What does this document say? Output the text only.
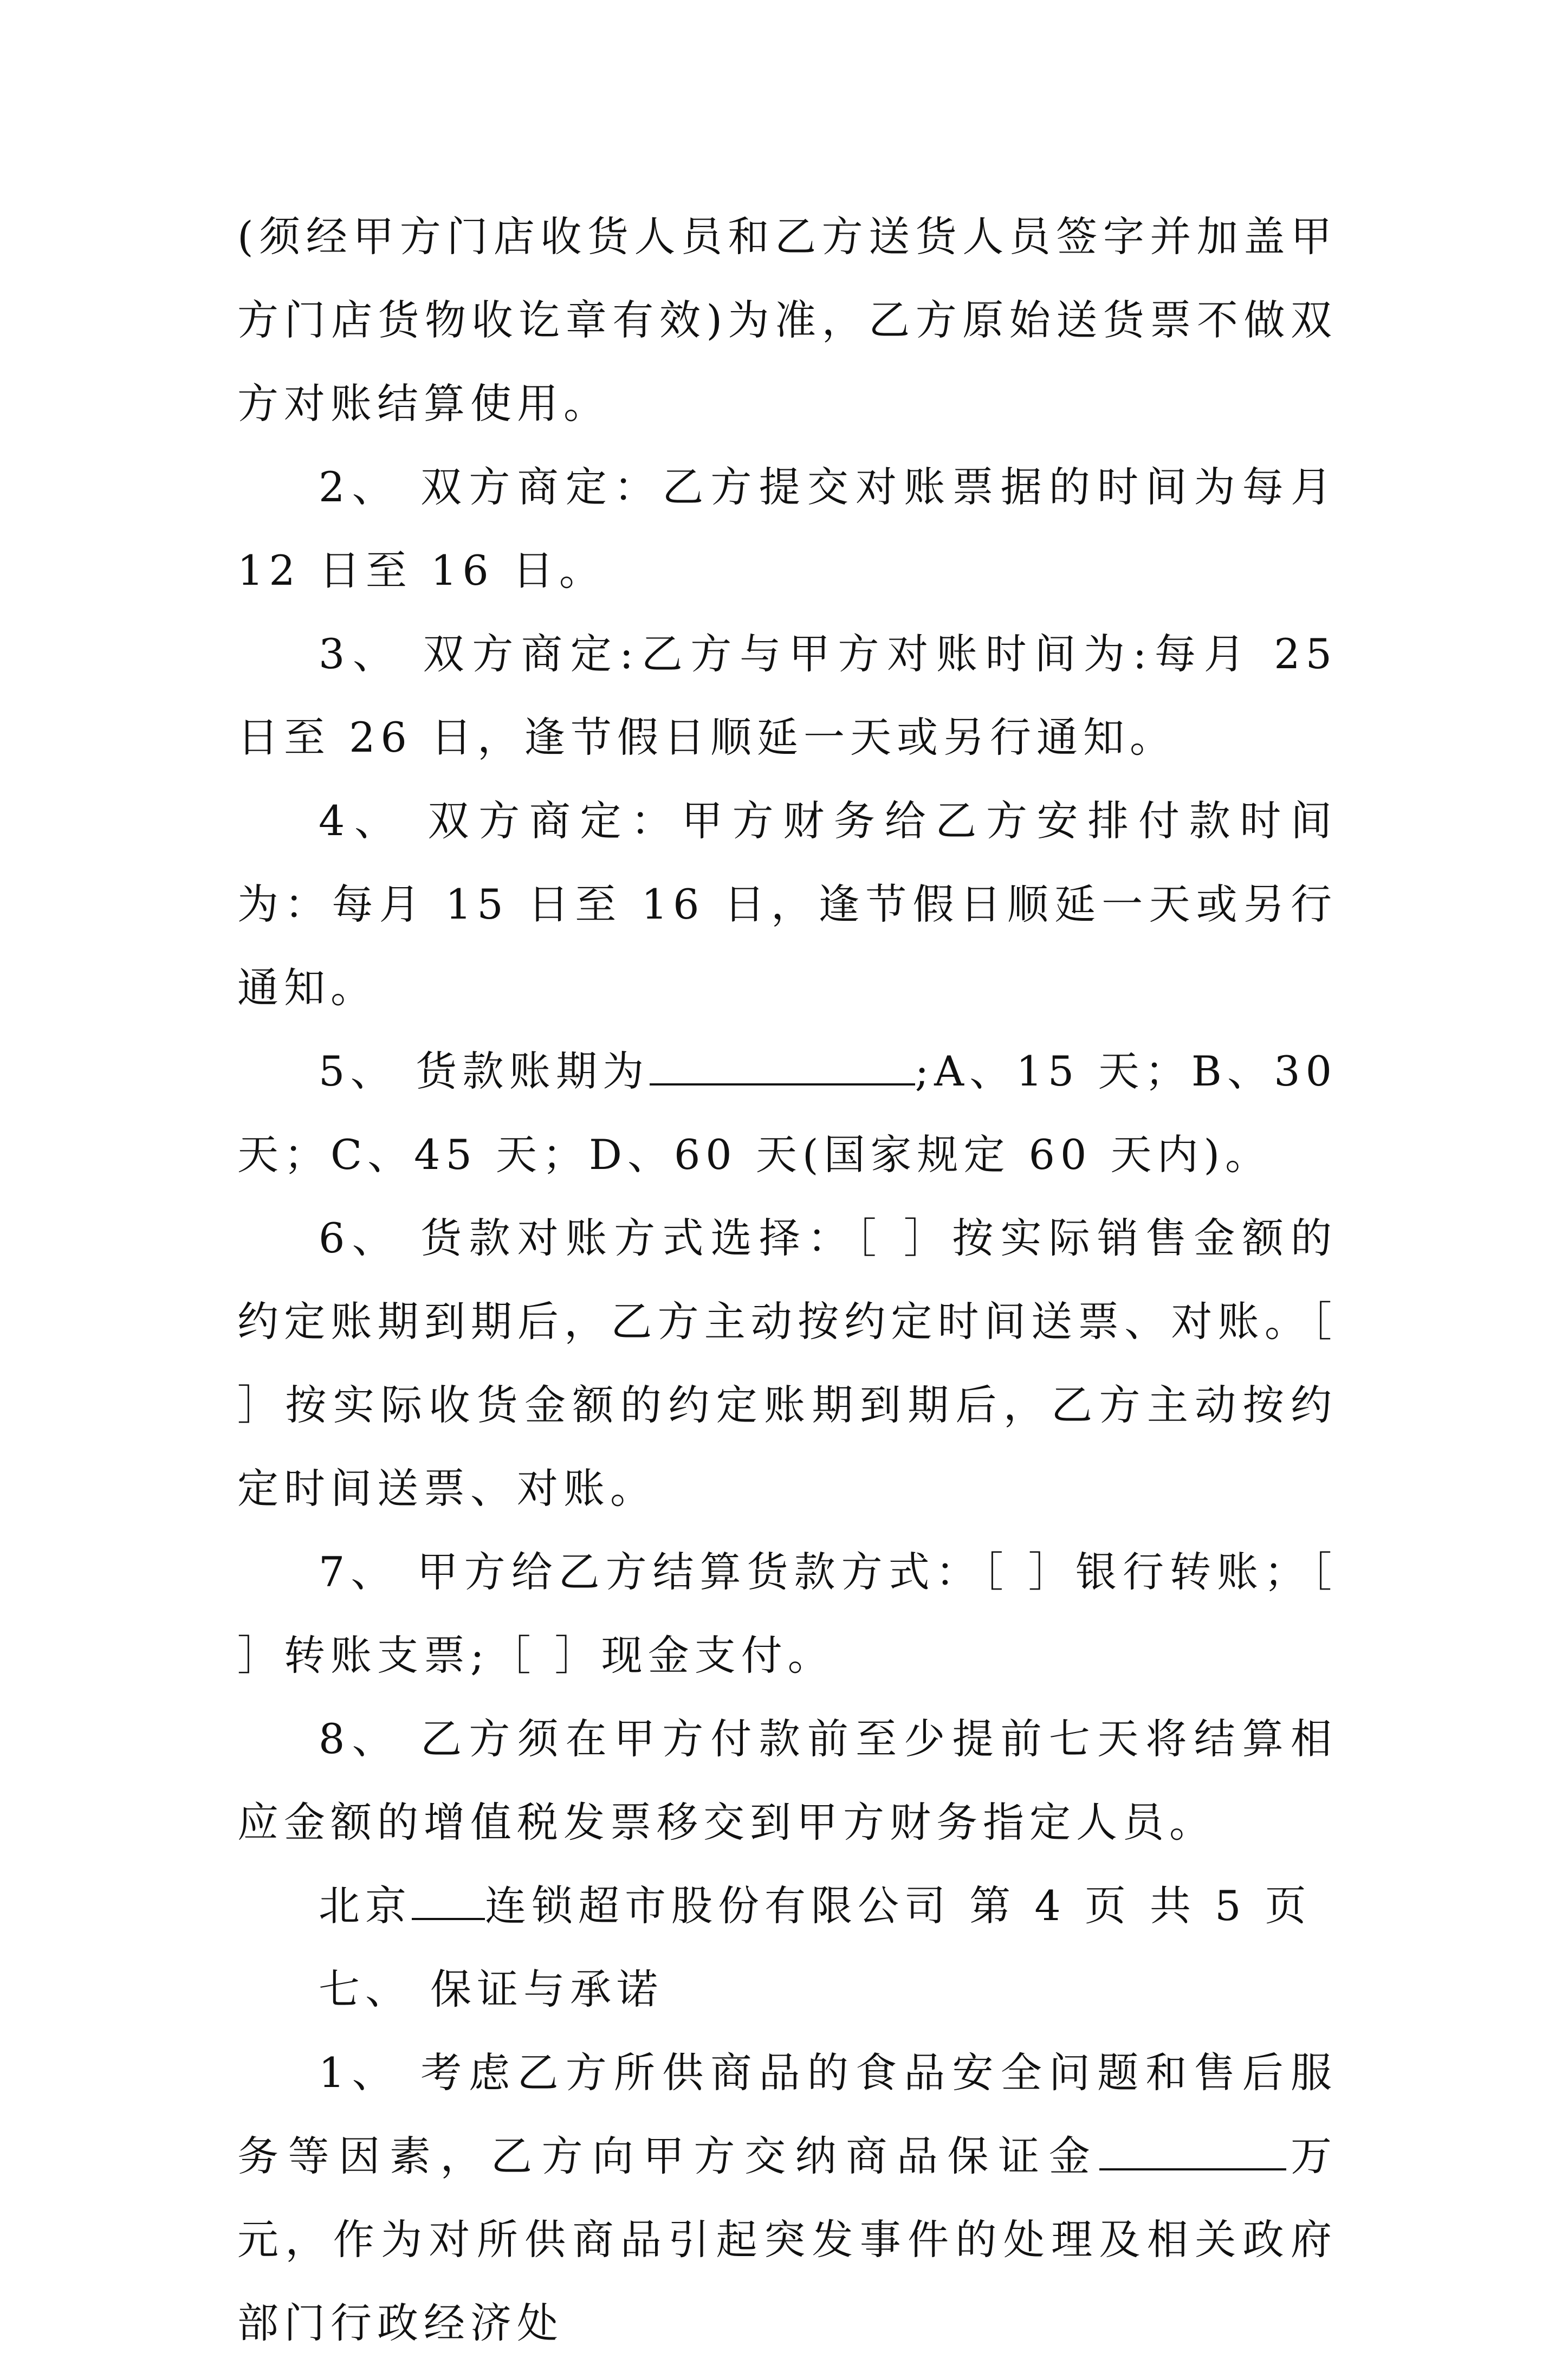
(须经甲方门店收货人员和乙方送货人员签字并加盖甲方门店货物收讫章有效)为准，乙方原始送货票不做双方对账结算使用。

2、 双方商定：乙方提交对账票据的时间为每月 12 日至 16 日。

3、 双方商定:乙方与甲方对账时间为:每月 25 日至 26 日，逢节假日顺延一天或另行通知。

4、 双方商定：甲方财务给乙方安排付款时间为：每月 15 日至 16 日，逢节假日顺延一天或另行通知。

5、 货款账期为	;A、15 天；B、30 天；C、45 天；D、60 天(国家规定 60 天内)。

6、 货款对账方式选择：［ ］按实际销售金额的约定账期到期后，乙方主动按约定时间送票、对账。［ ］按实际收货金额的约定账期到期后，乙方主动按约定时间送票、对账。

7、 甲方给乙方结算货款方式：［ ］银行转账；［ ］转账支票;［ ］现金支付。

8、 乙方须在甲方付款前至少提前七天将结算相应金额的增值税发票移交到甲方财务指定人员。

北京 连锁超市股份有限公司 第 4 页 共 5 页

七、 保证与承诺

1、 考虑乙方所供商品的食品安全问题和售后服务等因素，乙方向甲方交纳商品保证金	万元，作为对所供商品引起突发事件的处理及相关政府部门行政经济处
